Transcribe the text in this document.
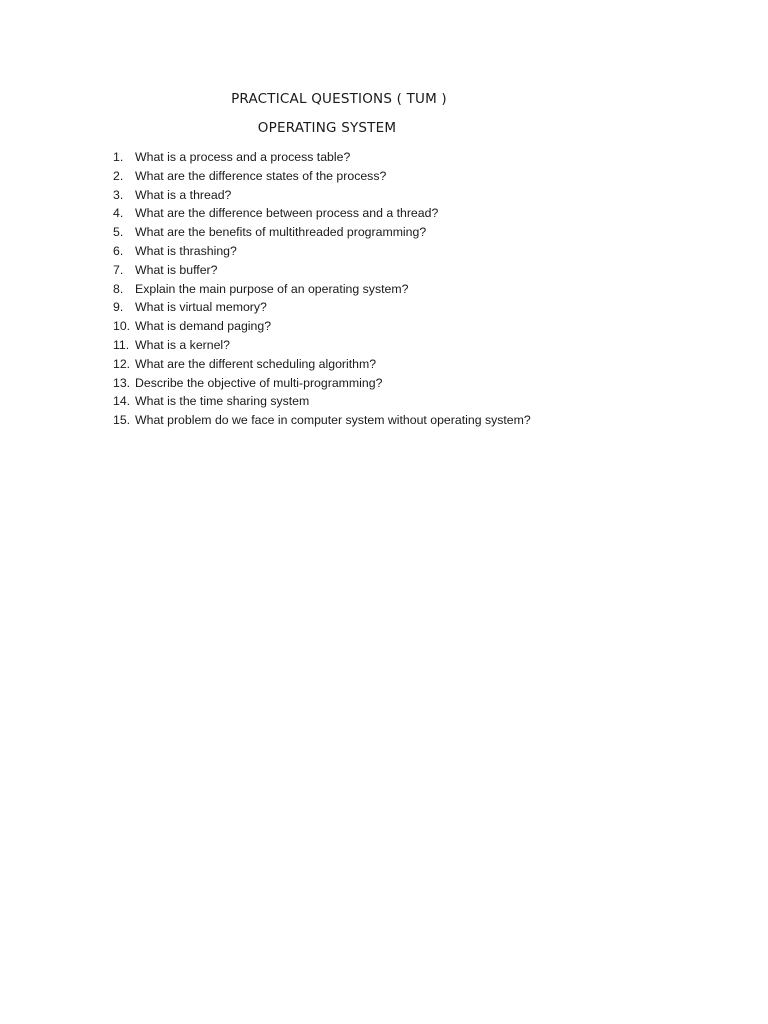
PRACTICAL QUESTIONS ( TUM )
OPERATING SYSTEM
1. What is a process and a process table?
2. What are the difference states of the process?
3. What is a thread?
4. What are the difference between process and a thread?
5. What are the benefits of multithreaded programming?
6. What is thrashing?
7. What is buffer?
8. Explain the main purpose of an operating system?
9. What is virtual memory?
10. What is demand paging?
11. What is a kernel?
12. What are the different scheduling algorithm?
13. Describe the objective of multi-programming?
14. What is the time sharing system
15. What problem do we face in computer system without operating system?
